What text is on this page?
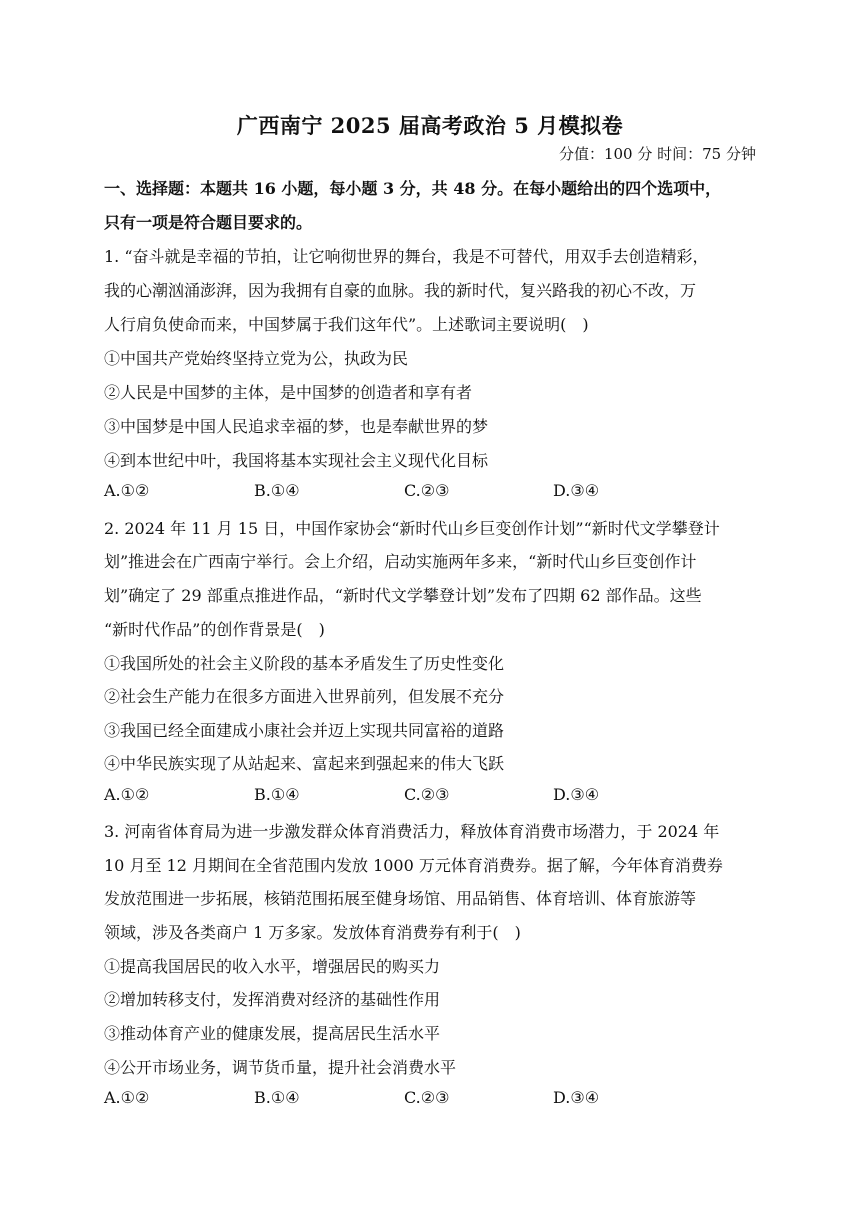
广西南宁 2025 届高考政治 5 月模拟卷
分值：100 分 时间：75 分钟
一、选择题：本题共 16 小题，每小题 3 分，共 48 分。在每小题给出的四个选项中，
只有一项是符合题目要求的。
1. “奋斗就是幸福的节拍，让它响彻世界的舞台，我是不可替代，用双手去创造精彩，
我的心潮汹涌澎湃，因为我拥有自豪的血脉。我的新时代，复兴路我的初心不改，万
人行肩负使命而来，中国梦属于我们这年代”。上述歌词主要说明(　)
①中国共产党始终坚持立党为公，执政为民
②人民是中国梦的主体，是中国梦的创造者和享有者
③中国梦是中国人民追求幸福的梦，也是奉献世界的梦
④到本世纪中叶，我国将基本实现社会主义现代化目标
A.①②	B.①④	C.②③	D.③④
2. 2024 年 11 月 15 日，中国作家协会“新时代山乡巨变创作计划”“新时代文学攀登计
划”推进会在广西南宁举行。会上介绍，启动实施两年多来，“新时代山乡巨变创作计
划”确定了 29 部重点推进作品，“新时代文学攀登计划”发布了四期 62 部作品。这些
“新时代作品”的创作背景是(　)
①我国所处的社会主义阶段的基本矛盾发生了历史性变化
②社会生产能力在很多方面进入世界前列，但发展不充分
③我国已经全面建成小康社会并迈上实现共同富裕的道路
④中华民族实现了从站起来、富起来到强起来的伟大飞跃
A.①②	B.①④	C.②③	D.③④
3. 河南省体育局为进一步激发群众体育消费活力，释放体育消费市场潜力，于 2024 年
10 月至 12 月期间在全省范围内发放 1000 万元体育消费券。据了解，今年体育消费券
发放范围进一步拓展，核销范围拓展至健身场馆、用品销售、体育培训、体育旅游等
领域，涉及各类商户 1 万多家。发放体育消费券有利于(　)
①提高我国居民的收入水平，增强居民的购买力
②增加转移支付，发挥消费对经济的基础性作用
③推动体育产业的健康发展，提高居民生活水平
④公开市场业务，调节货币量，提升社会消费水平
A.①②	B.①④	C.②③	D.③④
